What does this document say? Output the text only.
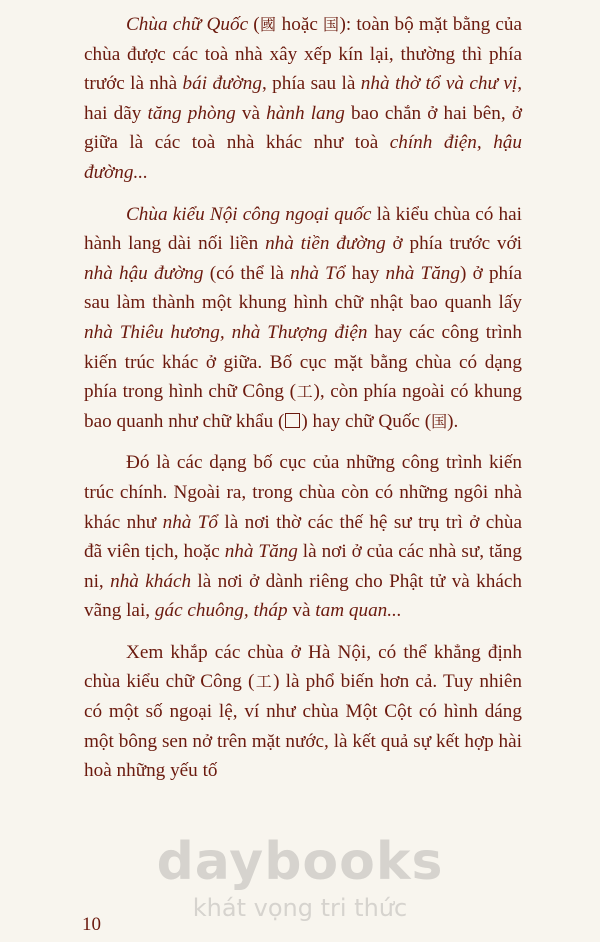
Chùa chữ Quốc (國 hoặc 国): toàn bộ mặt bằng của chùa được các toà nhà xây xếp kín lại, thường thì phía trước là nhà bái đường, phía sau là nhà thờ tổ và chư vị, hai dãy tăng phòng và hành lang bao chắn ở hai bên, ở giữa là các toà nhà khác như toà chính điện, hậu đường...

Chùa kiểu Nội công ngoại quốc là kiểu chùa có hai hành lang dài nối liền nhà tiền đường ở phía trước với nhà hậu đường (có thể là nhà Tổ hay nhà Tăng) ở phía sau làm thành một khung hình chữ nhật bao quanh lấy nhà Thiêu hương, nhà Thượng điện hay các công trình kiến trúc khác ở giữa. Bố cục mặt bằng chùa có dạng phía trong hình chữ Công (工), còn phía ngoài có khung bao quanh như chữ khẩu ( ) hay chữ Quốc (国).

Đó là các dạng bố cục của những công trình kiến trúc chính. Ngoài ra, trong chùa còn có những ngôi nhà khác như nhà Tổ là nơi thờ các thế hệ sư trụ trì ở chùa đã viên tịch, hoặc nhà Tăng là nơi ở của các nhà sư, tăng ni, nhà khách là nơi ở dành riêng cho Phật tử và khách vãng lai, gác chuông, tháp và tam quan...

Xem khắp các chùa ở Hà Nội, có thể khẳng định chùa kiểu chữ Công (工) là phổ biến hơn cả. Tuy nhiên có một số ngoại lệ, ví như chùa Một Cột có hình dáng một bông sen nở trên mặt nước, là kết quả sự kết hợp hài hoà những yếu tố

10

daybooks

khát vọng tri thức
